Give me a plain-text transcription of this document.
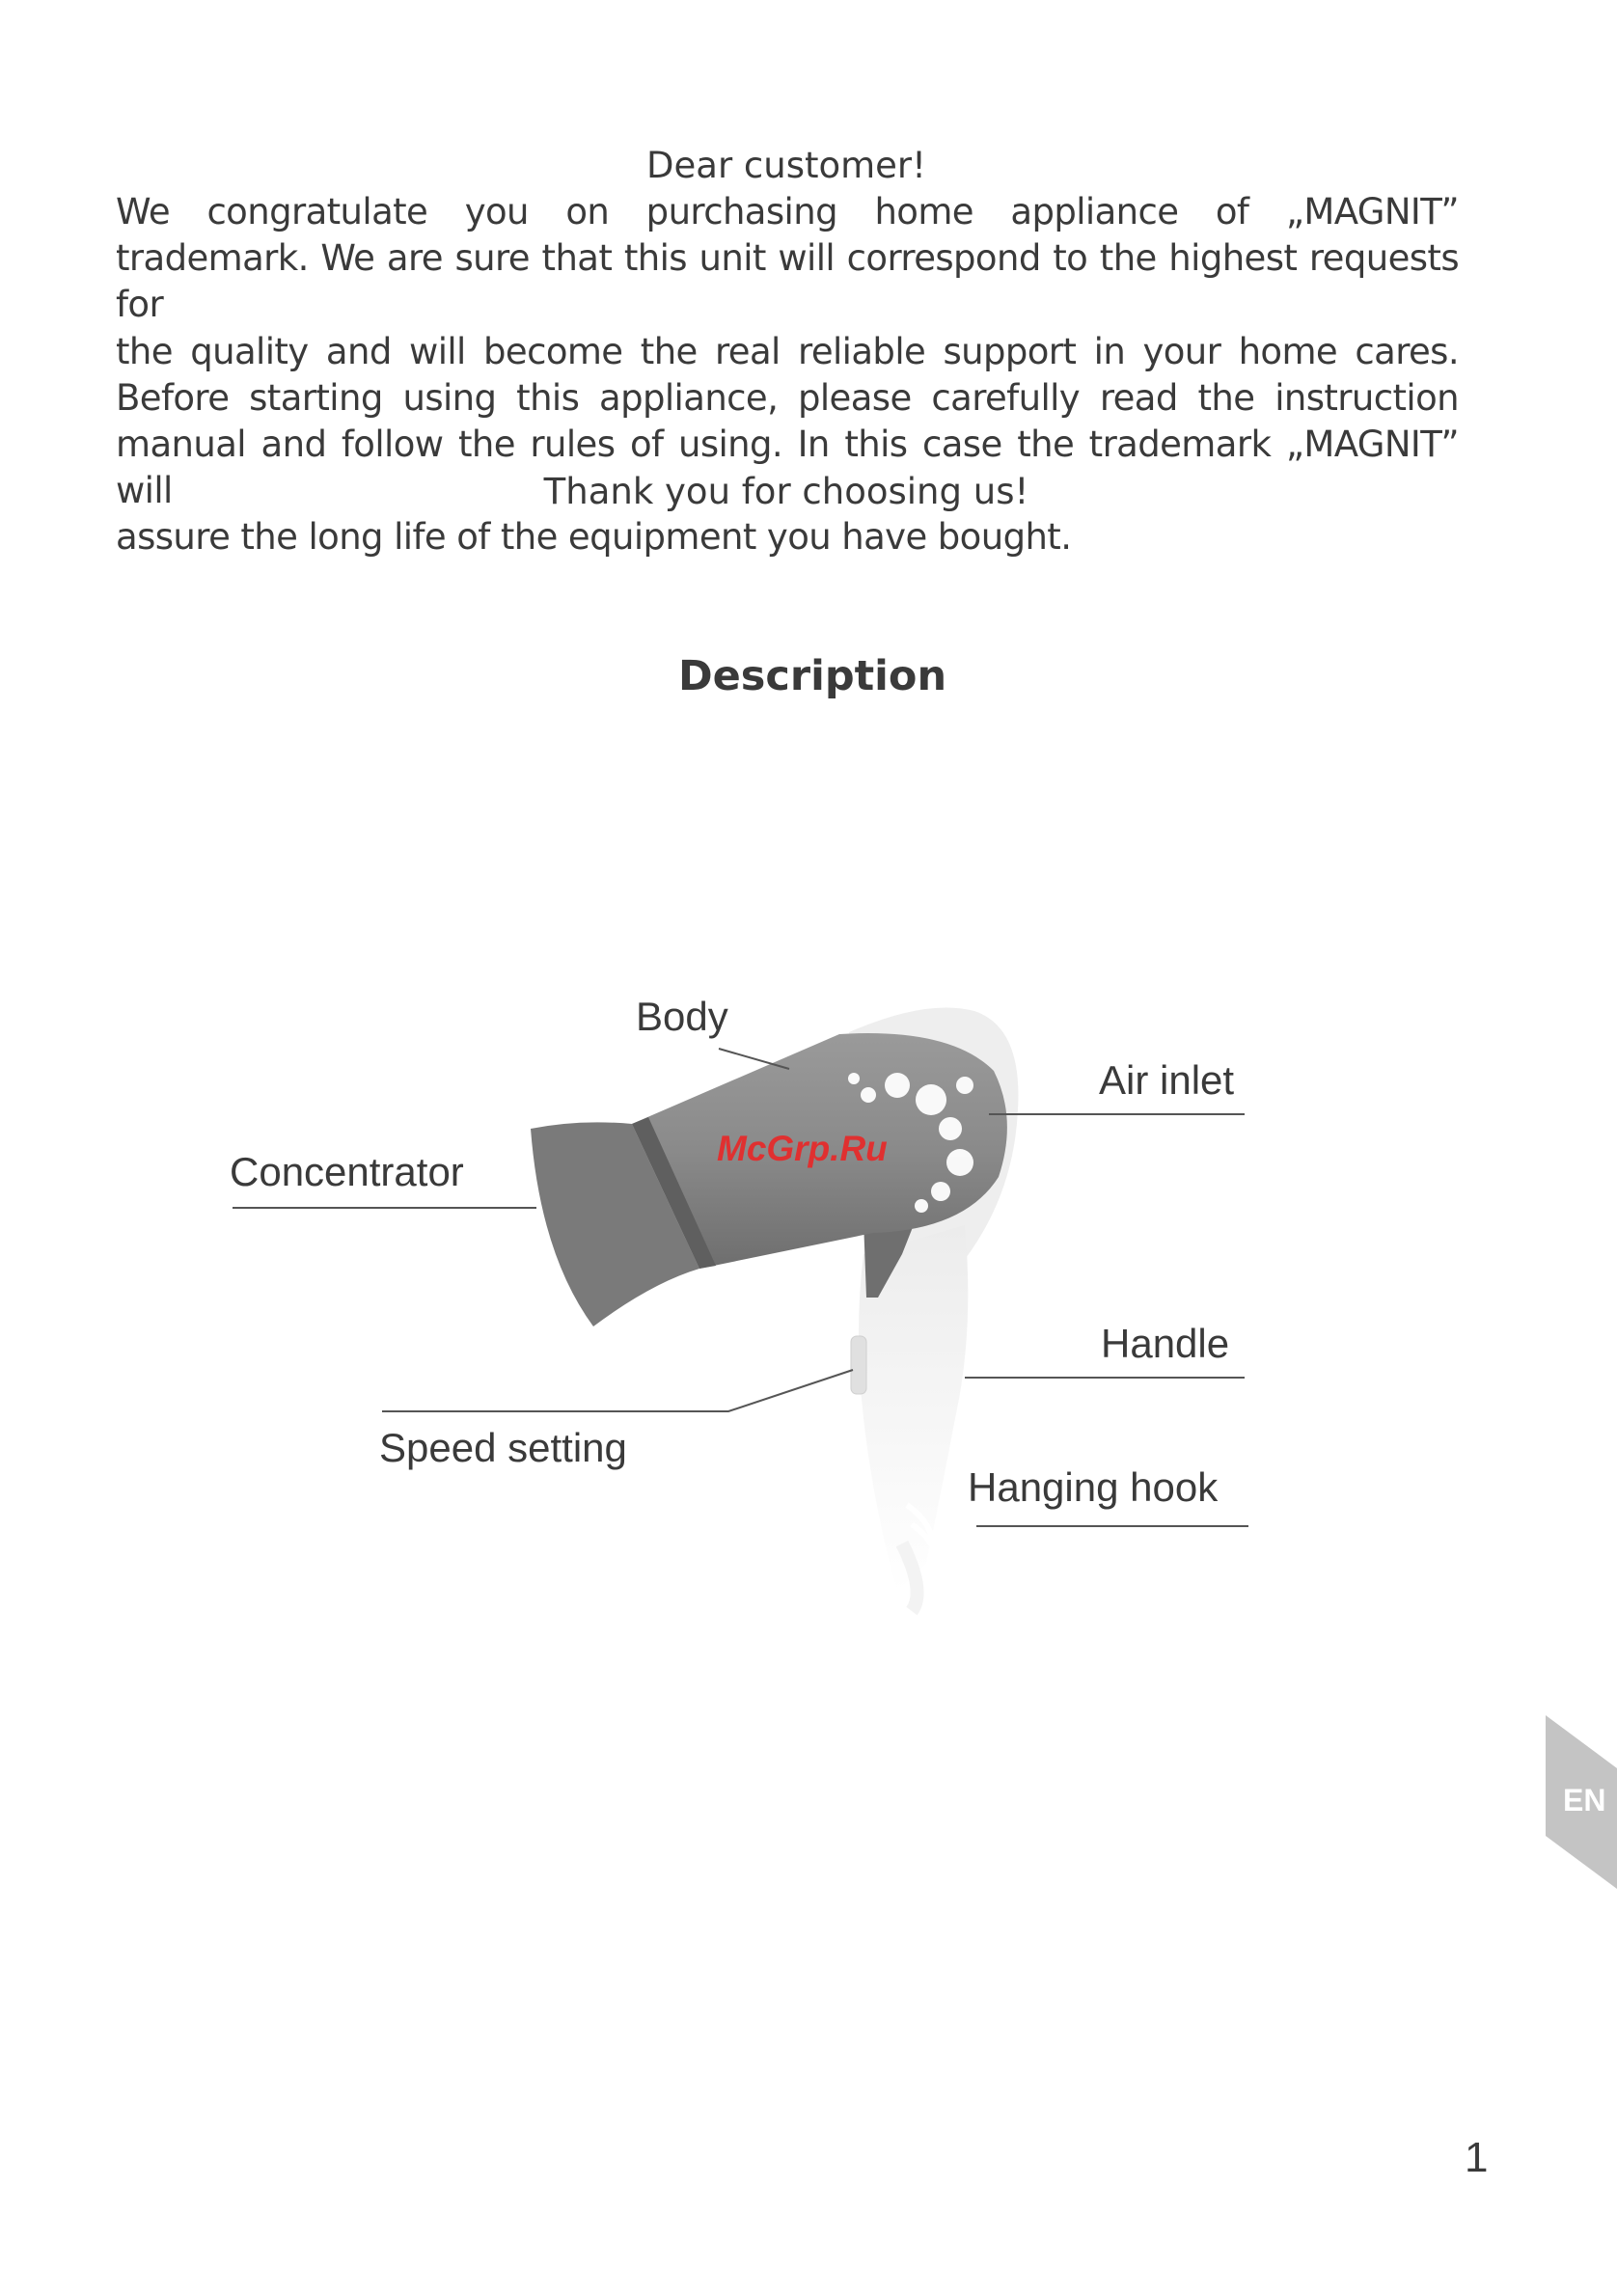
Dear customer!
We congratulate you on purchasing home appliance of „MAGNIT”
trademark. We are sure that this unit will correspond to the highest requests for
the quality and will become the real reliable support in your home cares.
Before starting using this appliance, please carefully read the instruction
manual and follow the rules of using. In this case the trademark „MAGNIT” will
assure the long life of the equipment you have bought.
Thank you for choosing us!
Description
Body
Air inlet
Concentrator
Handle
Speed setting
Hanging hook
McGrp.Ru
EN
1
